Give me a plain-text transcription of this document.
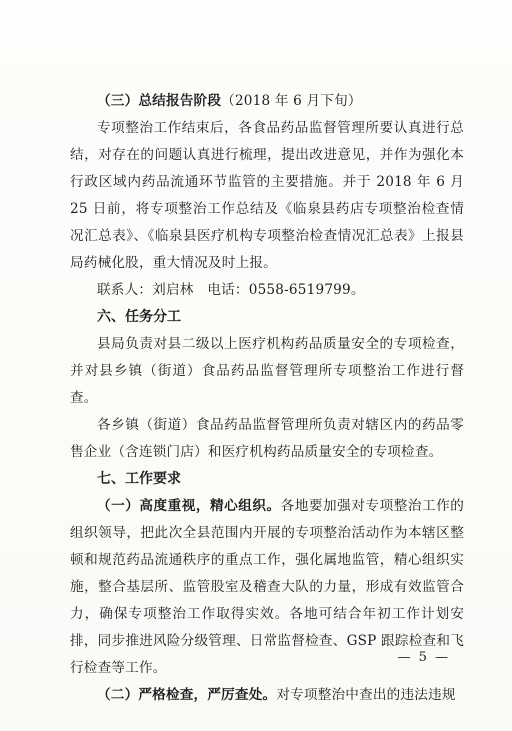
（三）总结报告阶段（2018 年 6 月下旬）

专项整治工作结束后，各食品药品监督管理所要认真进行总结，对存在的问题认真进行梳理，提出改进意见，并作为强化本行政区域内药品流通环节监管的主要措施。并于 2018 年 6 月 25 日前，将专项整治工作总结及《临泉县药店专项整治检查情况汇总表》、《临泉县医疗机构专项整治检查情况汇总表》上报县局药械化股，重大情况及时上报。

联系人：刘启林　电话：0558-6519799。

六、任务分工

县局负责对县二级以上医疗机构药品质量安全的专项检查，并对县乡镇（街道）食品药品监督管理所专项整治工作进行督查。

各乡镇（街道）食品药品监督管理所负责对辖区内的药品零售企业（含连锁门店）和医疗机构药品质量安全的专项检查。

七、工作要求

（一）高度重视，精心组织。各地要加强对专项整治工作的组织领导，把此次全县范围内开展的专项整治活动作为本辖区整顿和规范药品流通秩序的重点工作，强化属地监管，精心组织实施，整合基层所、监管股室及稽查大队的力量，形成有效监管合力，确保专项整治工作取得实效。各地可结合年初工作计划安排，同步推进风险分级管理、日常监督检查、GSP 跟踪检查和飞行检查等工作。

（二）严格检查，严厉查处。对专项整治中查出的违法违规

— 5 —
